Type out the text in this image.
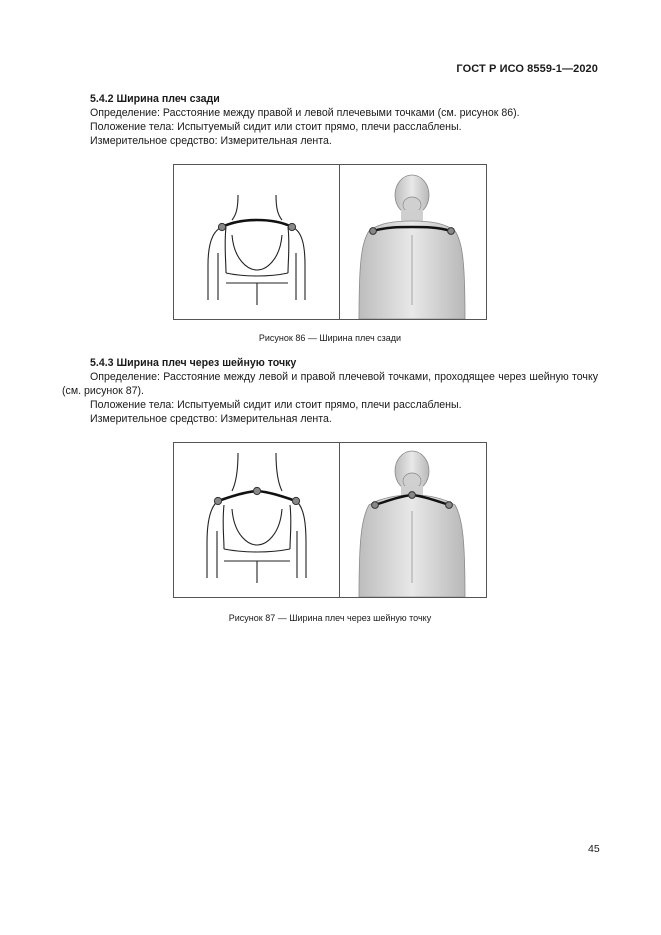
ГОСТ Р ИСО 8559-1—2020

5.4.2 Ширина плеч сзади

Определение: Расстояние между правой и левой плечевыми точками (см. рисунок 86).

Положение тела: Испытуемый сидит или стоит прямо, плечи расслаблены.

Измерительное средство: Измерительная лента.

Рисунок 86 — Ширина плеч сзади

5.4.3 Ширина плеч через шейную точку

Определение: Расстояние между левой и правой плечевой точками, проходящее через шейную точку (см. рисунок 87).

Положение тела: Испытуемый сидит или стоит прямо, плечи расслаблены.

Измерительное средство: Измерительная лента.

Рисунок 87 — Ширина плеч через шейную точку
45
